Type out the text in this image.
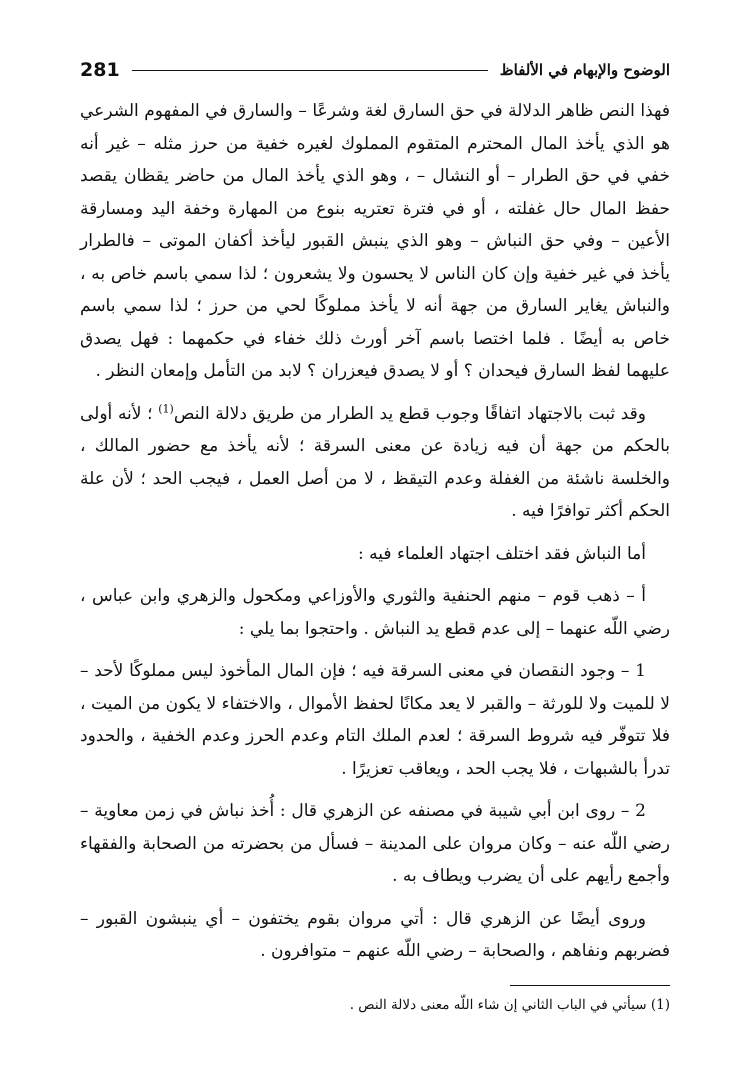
281	الوضوح والإبهام في الألفاظ

فهذا النص ظاهر الدلالة في حق السارق لغة وشرعًا – والسارق في المفهوم الشرعي هو الذي يأخذ المال المحترم المتقوم المملوك لغيره خفية من حرز مثله – غير أنه خفي في حق الطرار – أو النشال – ، وهو الذي يأخذ المال من حاضر يقظان يقصد حفظ المال حال غفلته ، أو في فترة تعتريه بنوع من المهارة وخفة اليد ومسارقة الأعين – وفي حق النباش – وهو الذي ينبش القبور ليأخذ أكفان الموتى – فالطرار يأخذ في غير خفية وإن كان الناس لا يحسون ولا يشعرون ؛ لذا سمي باسم خاص به ، والنباش يغاير السارق من جهة أنه لا يأخذ مملوكًا لحي من حرز ؛ لذا سمي باسم خاص به أيضًا . فلما اختصا باسم آخر أورث ذلك خفاء في حكمهما : فهل يصدق عليهما لفظ السارق فيحدان ؟ أو لا يصدق فيعزران ؟ لابد من التأمل وإمعان النظر .

وقد ثبت بالاجتهاد اتفاقًا وجوب قطع يد الطرار من طريق دلالة النص$^{(1)}$ ؛ لأنه أولى بالحكم من جهة أن فيه زيادة عن معنى السرقة ؛ لأنه يأخذ مع حضور المالك ، والخلسة ناشئة من الغفلة وعدم التيقظ ، لا من أصل العمل ، فيجب الحد ؛ لأن علة الحكم أكثر توافرًا فيه .

أما النباش فقد اختلف اجتهاد العلماء فيه :

أ – ذهب قوم – منهم الحنفية والثوري والأوزاعي ومكحول والزهري وابن عباس ، رضي اللّه عنهما – إلى عدم قطع يد النباش . واحتجوا بما يلي :

1 – وجود النقصان في معنى السرقة فيه ؛ فإن المال المأخوذ ليس مملوكًا لأحد – لا للميت ولا للورثة – والقبر لا يعد مكانًا لحفظ الأموال ، والاختفاء لا يكون من الميت ، فلا تتوفّر فيه شروط السرقة ؛ لعدم الملك التام وعدم الحرز وعدم الخفية ، والحدود تدرأ بالشبهات ، فلا يجب الحد ، ويعاقب تعزيرًا .

2 – روى ابن أبي شيبة في مصنفه عن الزهري قال : أُخذ نباش في زمن معاوية – رضي اللّه عنه – وكان مروان على المدينة – فسأل من بحضرته من الصحابة والفقهاء وأجمع رأيهم على أن يضرب ويطاف به .

وروى أيضًا عن الزهري قال : أتي مروان بقوم يختفون – أي ينبشون القبور – فضربهم ونفاهم ، والصحابة – رضي اللّه عنهم – متوافرون .

(1) سيأتي في الباب الثاني إن شاء اللّه معنى دلالة النص .
